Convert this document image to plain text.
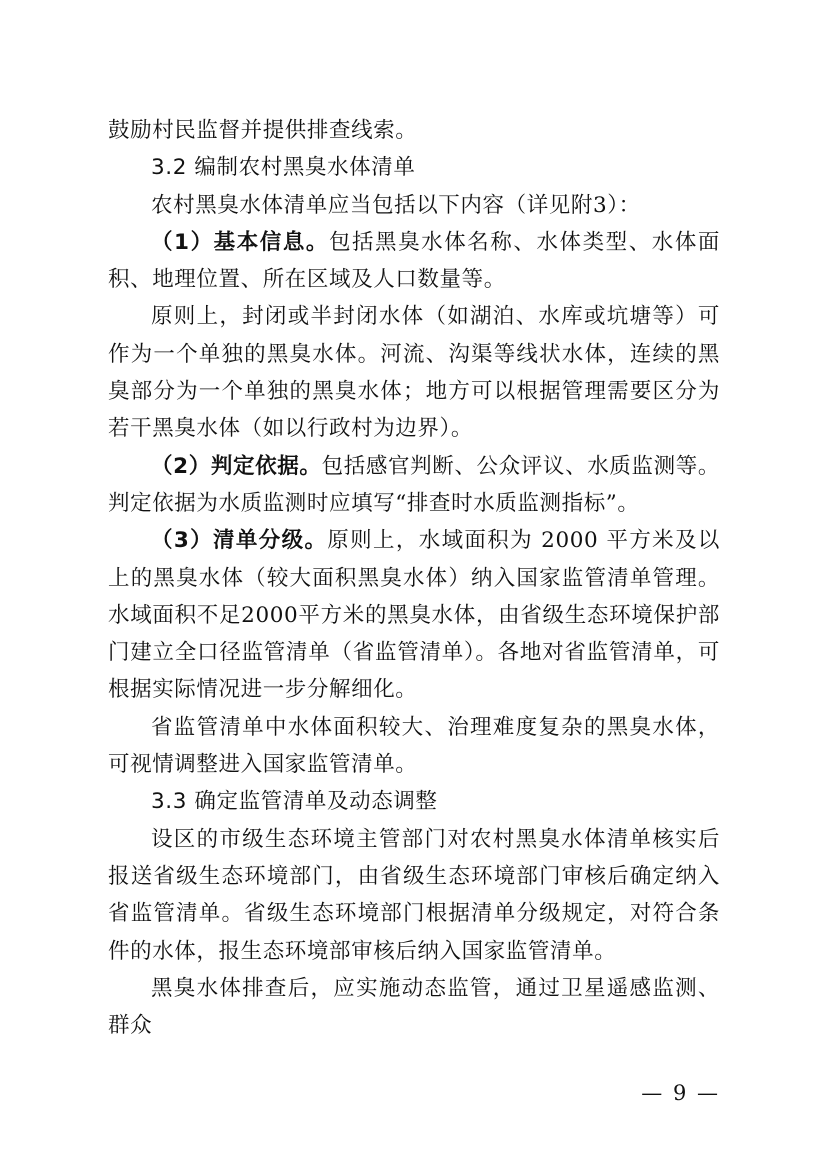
鼓励村民监督并提供排查线索。

3.2 编制农村黑臭水体清单

农村黑臭水体清单应当包括以下内容（详见附3）：

（1）基本信息。包括黑臭水体名称、水体类型、水体面积、地理位置、所在区域及人口数量等。

原则上，封闭或半封闭水体（如湖泊、水库或坑塘等）可作为一个单独的黑臭水体。河流、沟渠等线状水体，连续的黑臭部分为一个单独的黑臭水体；地方可以根据管理需要区分为若干黑臭水体（如以行政村为边界）。

（2）判定依据。包括感官判断、公众评议、水质监测等。判定依据为水质监测时应填写“排查时水质监测指标”。

（3）清单分级。原则上，水域面积为 2000 平方米及以上的黑臭水体（较大面积黑臭水体）纳入国家监管清单管理。水域面积不足2000平方米的黑臭水体，由省级生态环境保护部门建立全口径监管清单（省监管清单）。各地对省监管清单，可根据实际情况进一步分解细化。

省监管清单中水体面积较大、治理难度复杂的黑臭水体，可视情调整进入国家监管清单。

3.3 确定监管清单及动态调整

设区的市级生态环境主管部门对农村黑臭水体清单核实后报送省级生态环境部门，由省级生态环境部门审核后确定纳入省监管清单。省级生态环境部门根据清单分级规定，对符合条件的水体，报生态环境部审核后纳入国家监管清单。

黑臭水体排查后，应实施动态监管，通过卫星遥感监测、群众

— 9 —
